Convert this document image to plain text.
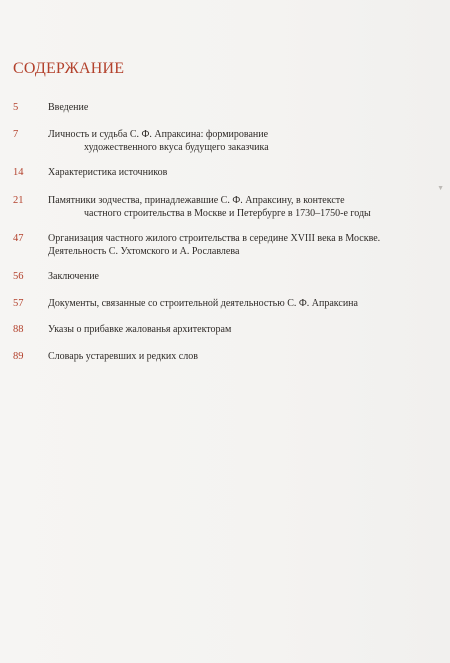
СОДЕРЖАНИЕ
5	Введение
7	Личность и судьба С. Ф. Апраксина: формирование
художественного вкуса будущего заказчика
14 Характеристика источников
21 Памятники зодчества, принадлежавшие С. Ф. Апраксину, в контексте
частного строительства в Москве и Петербурге в 1730–1750-е годы
47 Организация частного жилого строительства в середине XVIII века в Москве.
Деятельность С. Ухтомского и А. Рославлева
56 Заключение
57 Документы, связанные со строительной деятельностью С. Ф. Апраксина
88 Указы о прибавке жалованья архитекторам
89 Словарь устаревших и редких слов
▼
